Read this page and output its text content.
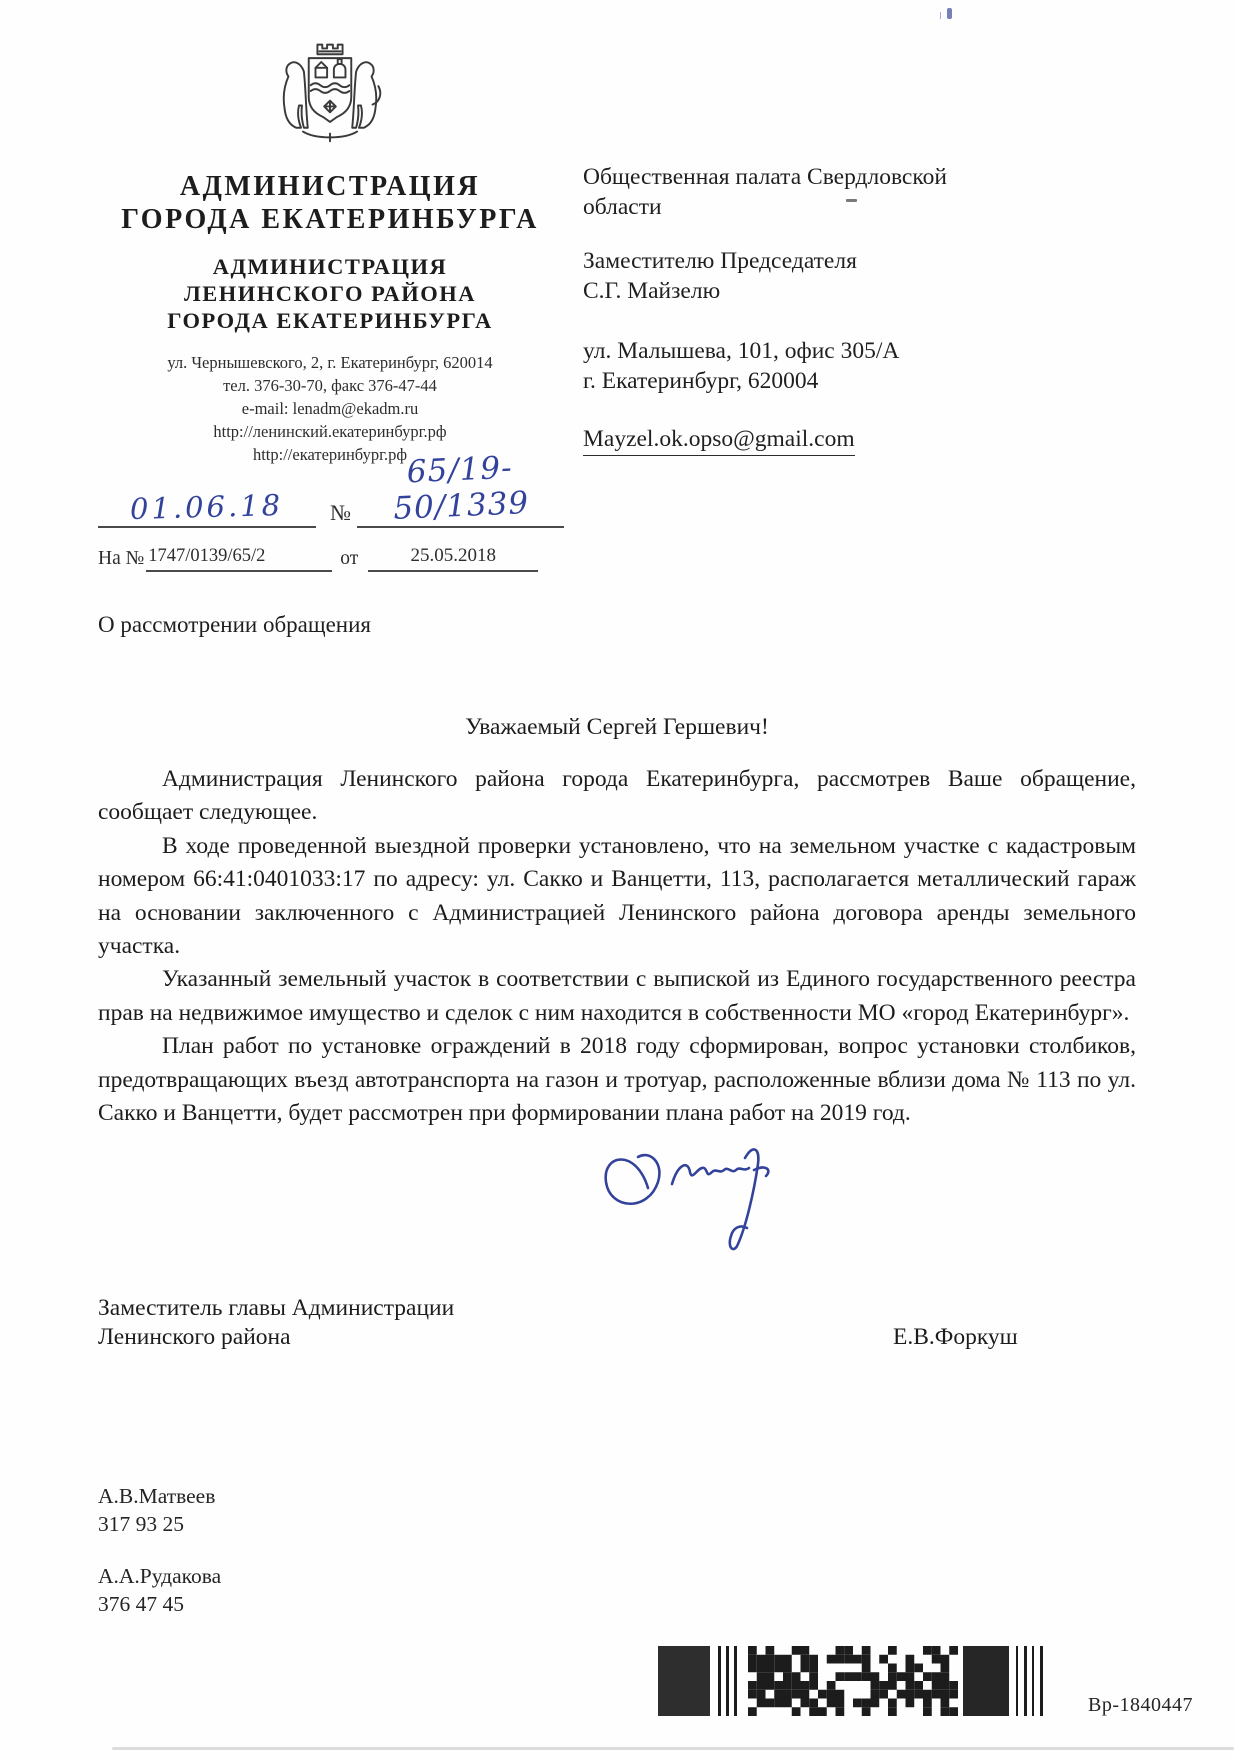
АДМИНИСТРАЦИЯ
ГОРОДА ЕКАТЕРИНБУРГА
АДМИНИСТРАЦИЯ
ЛЕНИНСКОГО РАЙОНА
ГОРОДА ЕКАТЕРИНБУРГА
ул. Чернышевского, 2, г. Екатеринбург, 620014
тел. 376-30-70, факс 376-47-44
e-mail: lenadm@ekadm.ru
http://ленинский.екатеринбург.рф
http://екатеринбург.рф
01.06.18	№
65/19-50/1339
На № 1747/0139/65/2	от	25.05.2018
О рассмотрении обращения
Общественная палата Свердловской области
Заместителю Председателя
С.Г. Майзелю
ул. Малышева, 101, офис 305/А
г. Екатеринбург, 620004
Mayzel.ok.opso@gmail.com
Уважаемый Сергей Гершевич!

Администрация Ленинского района города Екатеринбурга, рассмотрев Ваше обращение, сообщает следующее.

В ходе проведенной выездной проверки установлено, что на земельном участке с кадастровым номером 66:41:0401033:17 по адресу: ул. Сакко и Ванцетти, 113, располагается металлический гараж на основании заключенного с Администрацией Ленинского района договора аренды земельного участка.

Указанный земельный участок в соответствии с выпиской из Единого государственного реестра прав на недвижимое имущество и сделок с ним находится в собственности МО «город Екатеринбург».

План работ по установке ограждений в 2018 году сформирован, вопрос установки столбиков, предотвращающих въезд автотранспорта на газон и тротуар, расположенные вблизи дома № 113 по ул. Сакко и Ванцетти, будет рассмотрен при формировании плана работ на 2019 год.

Заместитель главы Администрации
Ленинского района	Е.В.Форкуш
А.В.Матвеев
317 93 25
А.А.Рудакова
376 47 45
Вр-1840447
